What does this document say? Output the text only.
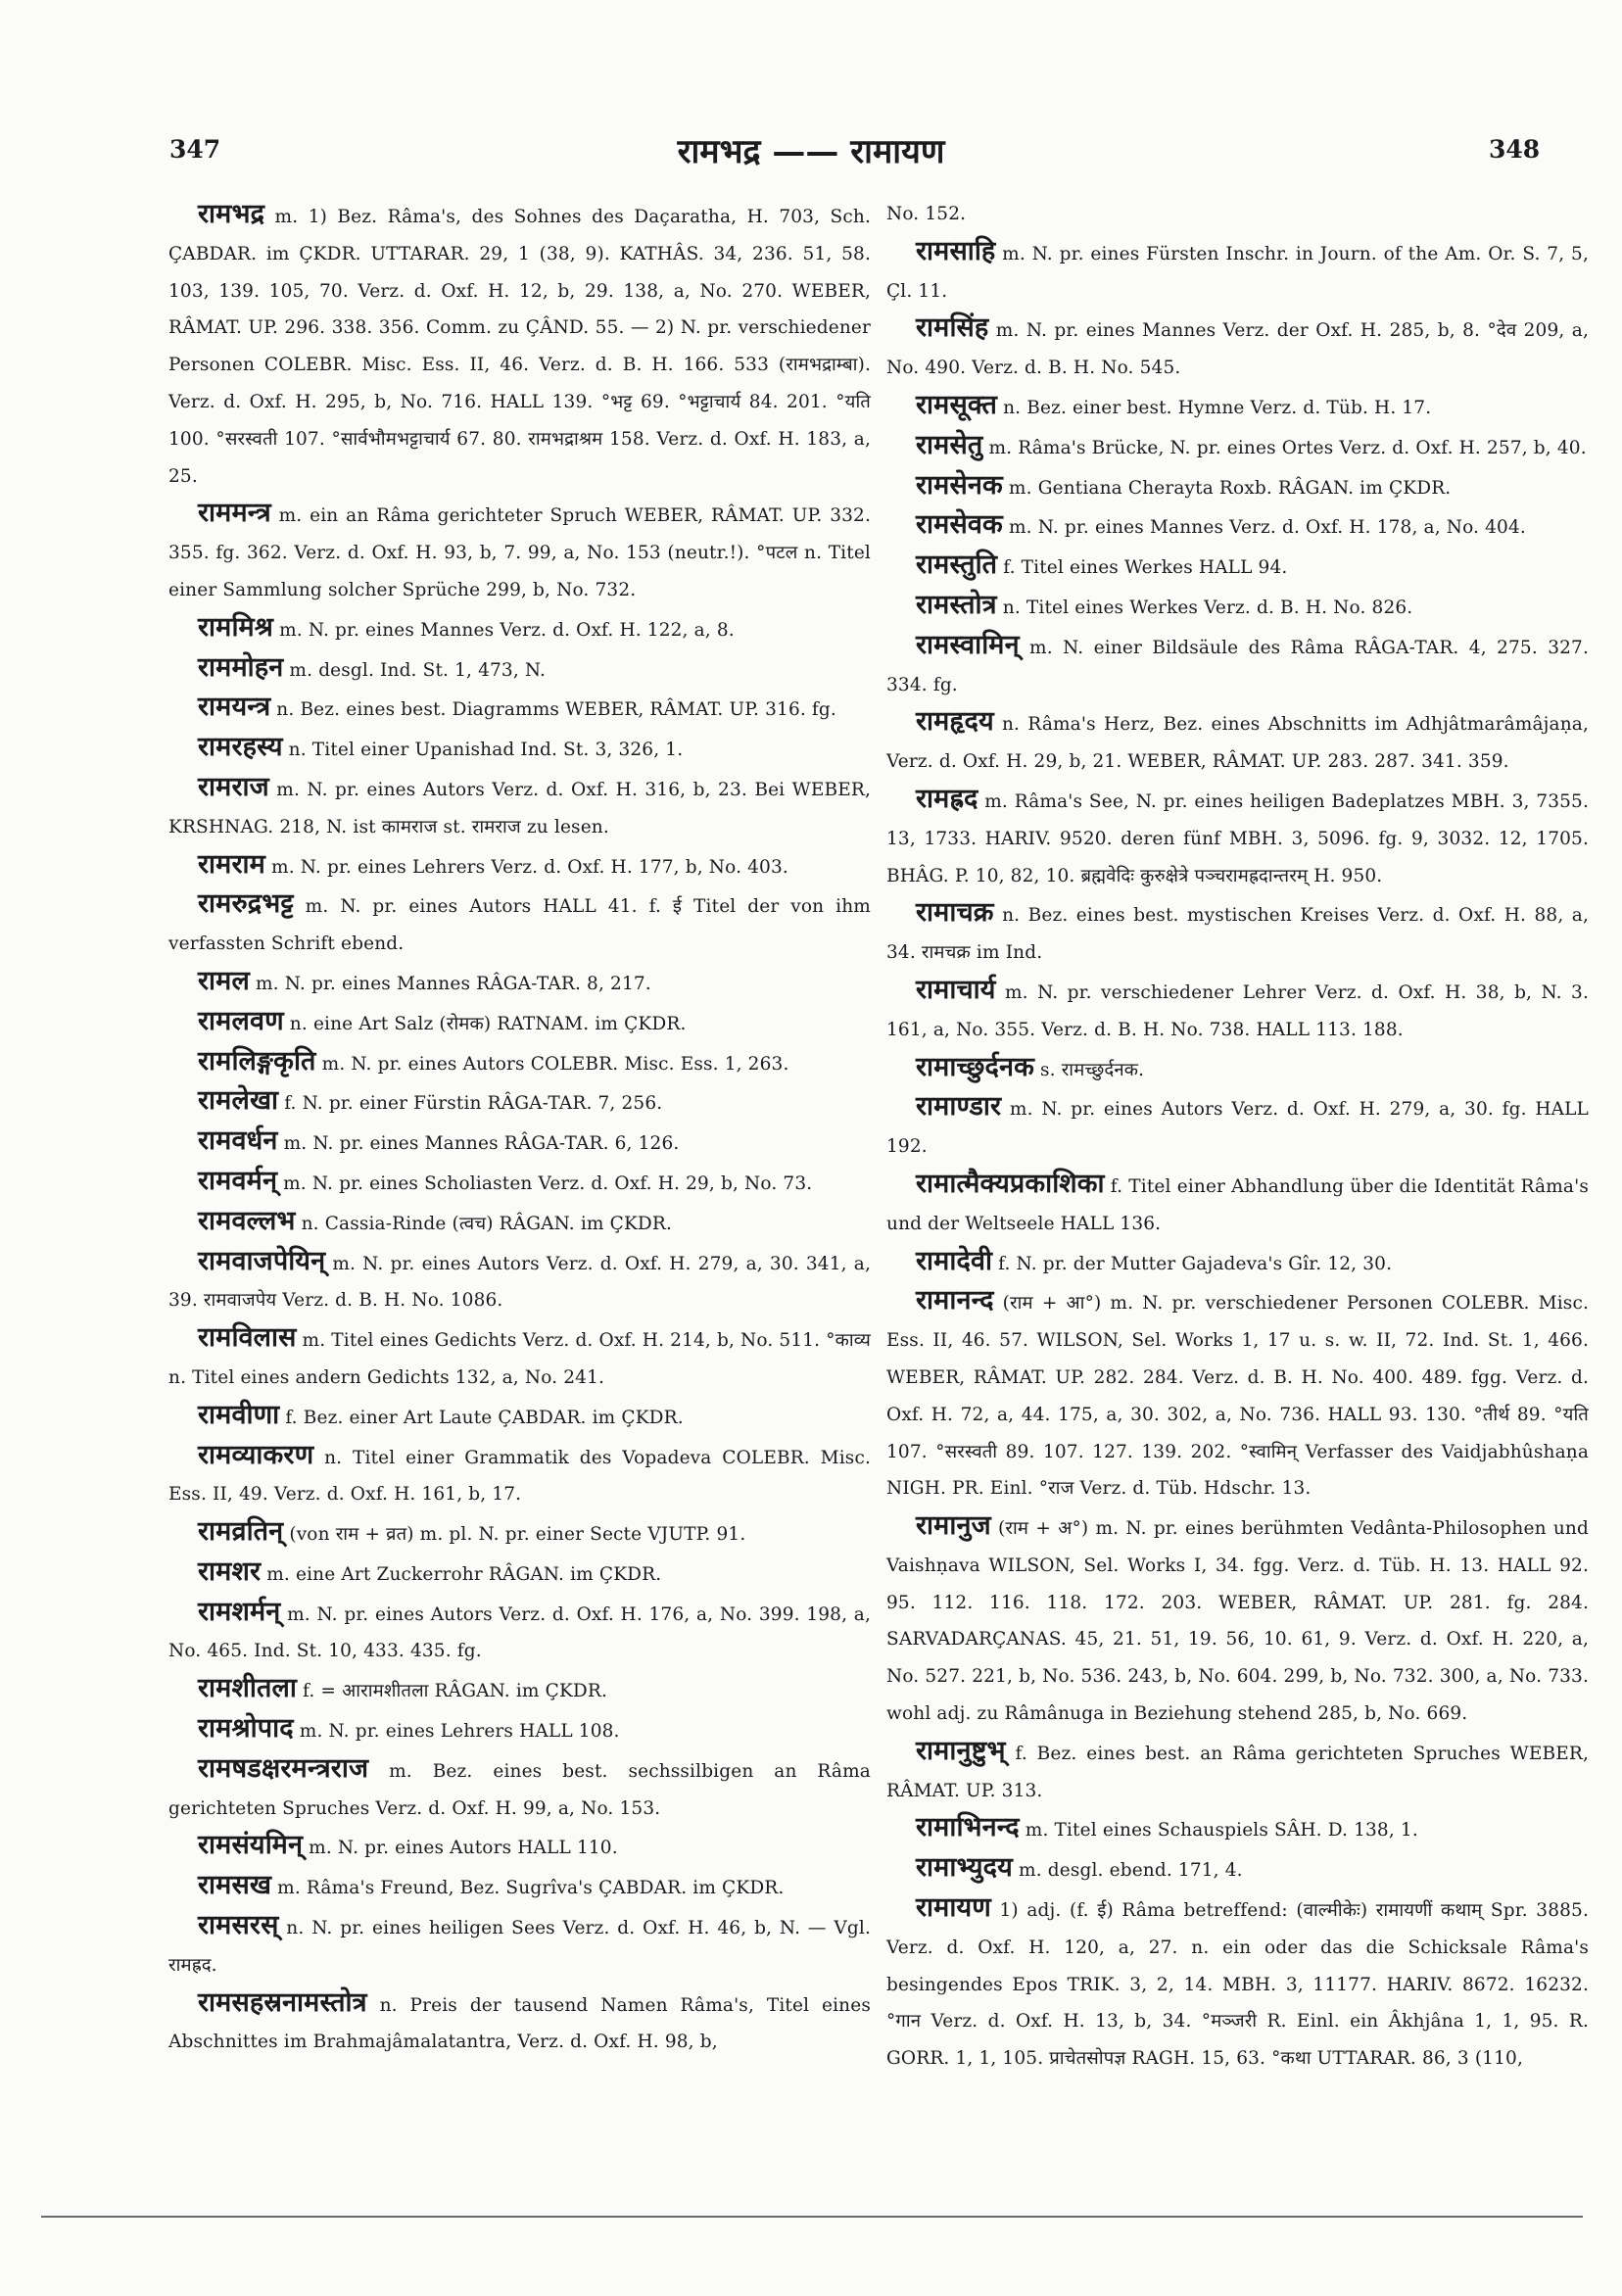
347	रामभद्र —— रामायण	348

रामभद्र m. 1) Bez. Râma's, des Sohnes des Daçaratha, H. 703, Sch. ÇABDAR. im ÇKDR. UTTARAR. 29, 1 (38, 9). KATHÂS. 34, 236. 51, 58. 103, 139. 105, 70. Verz. d. Oxf. H. 12, b, 29. 138, a, No. 270. WEBER, RÂMAT. UP. 296. 338. 356. Comm. zu ÇÂND. 55. — 2) N. pr. verschiedener Personen COLEBR. Misc. Ess. II, 46. Verz. d. B. H. 166. 533 (रामभद्राम्बा). Verz. d. Oxf. H. 295, b, No. 716. HALL 139. °भट्ट 69. °भट्टाचार्य 84. 201. °यति 100. °सरस्वती 107. °सार्वभौमभट्टाचार्य 67. 80. रामभद्राश्रम 158. Verz. d. Oxf. H. 183, a, 25.

राममन्त्र m. ein an Râma gerichteter Spruch WEBER, RÂMAT. UP. 332. 355. fg. 362. Verz. d. Oxf. H. 93, b, 7. 99, a, No. 153 (neutr.!). °पटल n. Titel einer Sammlung solcher Sprüche 299, b, No. 732.

राममिश्र m. N. pr. eines Mannes Verz. d. Oxf. H. 122, a, 8.

राममोहन m. desgl. Ind. St. 1, 473, N.

रामयन्त्र n. Bez. eines best. Diagramms WEBER, RÂMAT. UP. 316. fg.

रामरहस्य n. Titel einer Upanishad Ind. St. 3, 326, 1.

रामराज m. N. pr. eines Autors Verz. d. Oxf. H. 316, b, 23. Bei WEBER, KRSHNAG. 218, N. ist कामराज st. रामराज zu lesen.

रामराम m. N. pr. eines Lehrers Verz. d. Oxf. H. 177, b, No. 403.

रामरुद्रभट्ट m. N. pr. eines Autors HALL 41. f. ई Titel der von ihm verfassten Schrift ebend.

रामल m. N. pr. eines Mannes RÂGA-TAR. 8, 217.

रामलवण n. eine Art Salz (रोमक) RATNAM. im ÇKDR.

रामलिङ्गकृति m. N. pr. eines Autors COLEBR. Misc. Ess. 1, 263.

रामलेखा f. N. pr. einer Fürstin RÂGA-TAR. 7, 256.

रामवर्धन m. N. pr. eines Mannes RÂGA-TAR. 6, 126.

रामवर्मन् m. N. pr. eines Scholiasten Verz. d. Oxf. H. 29, b, No. 73.

रामवल्लभ n. Cassia-Rinde (त्वच) RÂGAN. im ÇKDR.

रामवाजपेयिन् m. N. pr. eines Autors Verz. d. Oxf. H. 279, a, 30. 341, a, 39. रामवाजपेय Verz. d. B. H. No. 1086.

रामविलास m. Titel eines Gedichts Verz. d. Oxf. H. 214, b, No. 511. °काव्य n. Titel eines andern Gedichts 132, a, No. 241.

रामवीणा f. Bez. einer Art Laute ÇABDAR. im ÇKDR.

रामव्याकरण n. Titel einer Grammatik des Vopadeva COLEBR. Misc. Ess. II, 49. Verz. d. Oxf. H. 161, b, 17.

रामव्रतिन् (von राम + व्रत) m. pl. N. pr. einer Secte VJUTP. 91.

रामशर m. eine Art Zuckerrohr RÂGAN. im ÇKDR.

रामशर्मन् m. N. pr. eines Autors Verz. d. Oxf. H. 176, a, No. 399. 198, a, No. 465. Ind. St. 10, 433. 435. fg.

रामशीतला f. = आरामशीतला RÂGAN. im ÇKDR.

रामश्रोपाद m. N. pr. eines Lehrers HALL 108.

रामषडक्षरमन्त्रराज m. Bez. eines best. sechssilbigen an Râma gerichteten Spruches Verz. d. Oxf. H. 99, a, No. 153.

रामसंयमिन् m. N. pr. eines Autors HALL 110.

रामसख m. Râma's Freund, Bez. Sugrîva's ÇABDAR. im ÇKDR.

रामसरस् n. N. pr. eines heiligen Sees Verz. d. Oxf. H. 46, b, N. — Vgl. रामह्रद.

रामसहस्रनामस्तोत्र n. Preis der tausend Namen Râma's, Titel eines Abschnittes im Brahmajâmalatantra, Verz. d. Oxf. H. 98, b,

No. 152.

रामसाहि m. N. pr. eines Fürsten Inschr. in Journ. of the Am. Or. S. 7, 5, Çl. 11.

रामसिंह m. N. pr. eines Mannes Verz. der Oxf. H. 285, b, 8. °देव 209, a, No. 490. Verz. d. B. H. No. 545.

रामसूक्त n. Bez. einer best. Hymne Verz. d. Tüb. H. 17.

रामसेतु m. Râma's Brücke, N. pr. eines Ortes Verz. d. Oxf. H. 257, b, 40.

रामसेनक m. Gentiana Cherayta Roxb. RÂGAN. im ÇKDR.

रामसेवक m. N. pr. eines Mannes Verz. d. Oxf. H. 178, a, No. 404.

रामस्तुति f. Titel eines Werkes HALL 94.

रामस्तोत्र n. Titel eines Werkes Verz. d. B. H. No. 826.

रामस्वामिन् m. N. einer Bildsäule des Râma RÂGA-TAR. 4, 275. 327. 334. fg.

रामहृदय n. Râma's Herz, Bez. eines Abschnitts im Adhjâtmarâmâjaṇa, Verz. d. Oxf. H. 29, b, 21. WEBER, RÂMAT. UP. 283. 287. 341. 359.

रामह्रद m. Râma's See, N. pr. eines heiligen Badeplatzes MBH. 3, 7355. 13, 1733. HARIV. 9520. deren fünf MBH. 3, 5096. fg. 9, 3032. 12, 1705. BHÂG. P. 10, 82, 10. ब्रह्मवेदिः कुरुक्षेत्रे पञ्चरामह्रदान्तरम् H. 950.

रामाचक्र n. Bez. eines best. mystischen Kreises Verz. d. Oxf. H. 88, a, 34. रामचक्र im Ind.

रामाचार्य m. N. pr. verschiedener Lehrer Verz. d. Oxf. H. 38, b, N. 3. 161, a, No. 355. Verz. d. B. H. No. 738. HALL 113. 188.

रामाच्छुर्दनक s. रामच्छुर्दनक.

रामाण्डार m. N. pr. eines Autors Verz. d. Oxf. H. 279, a, 30. fg. HALL 192.

रामात्मैक्यप्रकाशिका f. Titel einer Abhandlung über die Identität Râma's und der Weltseele HALL 136.

रामादेवी f. N. pr. der Mutter Gajadeva's Gîr. 12, 30.

रामानन्द (राम + आ°) m. N. pr. verschiedener Personen COLEBR. Misc. Ess. II, 46. 57. WILSON, Sel. Works 1, 17 u. s. w. II, 72. Ind. St. 1, 466. WEBER, RÂMAT. UP. 282. 284. Verz. d. B. H. No. 400. 489. fgg. Verz. d. Oxf. H. 72, a, 44. 175, a, 30. 302, a, No. 736. HALL 93. 130. °तीर्थ 89. °यति 107. °सरस्वती 89. 107. 127. 139. 202. °स्वामिन् Verfasser des Vaidjabhûshaṇa NIGH. PR. Einl. °राज Verz. d. Tüb. Hdschr. 13.

रामानुज (राम + अ°) m. N. pr. eines berühmten Vedânta-Philosophen und Vaishṇava WILSON, Sel. Works I, 34. fgg. Verz. d. Tüb. H. 13. HALL 92. 95. 112. 116. 118. 172. 203. WEBER, RÂMAT. UP. 281. fg. 284. SARVADARÇANAS. 45, 21. 51, 19. 56, 10. 61, 9. Verz. d. Oxf. H. 220, a, No. 527. 221, b, No. 536. 243, b, No. 604. 299, b, No. 732. 300, a, No. 733. wohl adj. zu Râmânuga in Beziehung stehend 285, b, No. 669.

रामानुष्टुभ् f. Bez. eines best. an Râma gerichteten Spruches WEBER, RÂMAT. UP. 313.

रामाभिनन्द m. Titel eines Schauspiels SÂH. D. 138, 1.

रामाभ्युदय m. desgl. ebend. 171, 4.

रामायण 1) adj. (f. ई) Râma betreffend: (वाल्मीकेः) रामायणीं कथाम् Spr. 3885. Verz. d. Oxf. H. 120, a, 27. n. ein oder das die Schicksale Râma's besingendes Epos TRIK. 3, 2, 14. MBH. 3, 11177. HARIV. 8672. 16232. °गान Verz. d. Oxf. H. 13, b, 34. °मञ्जरी R. Einl. ein Âkhjâna 1, 1, 95. R. GORR. 1, 1, 105. प्राचेतसोपज्ञ RAGH. 15, 63. °कथा UTTARAR. 86, 3 (110,
